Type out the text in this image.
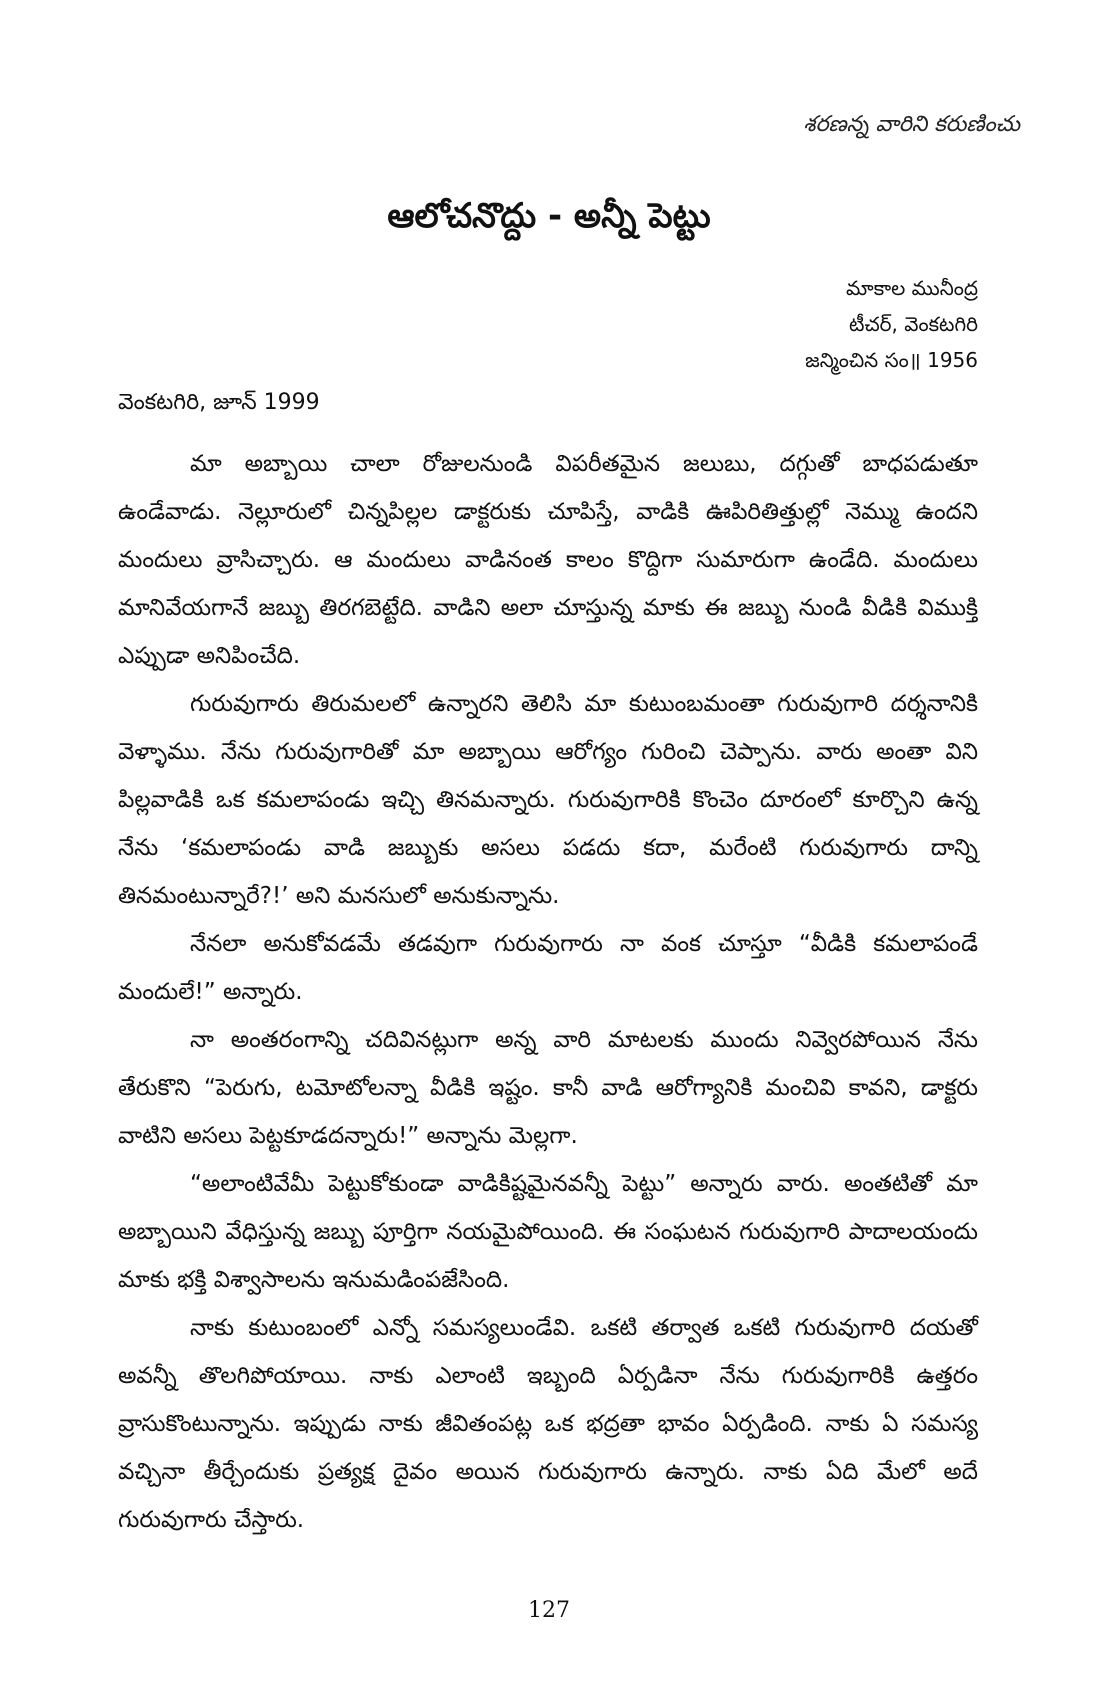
శరణన్న వారిని కరుణించు
ఆలోచనొద్దు - అన్నీ పెట్టు
మాకాల మునీంద్ర
టీచర్, వెంకటగిరి
జన్మించిన సం॥ 1956
వెంకటగిరి, జూన్ 1999

మా అబ్బాయి చాలా రోజులనుండి విపరీతమైన జలుబు, దగ్గుతో బాధపడుతూ ఉండేవాడు. నెల్లూరులో చిన్నపిల్లల డాక్టరుకు చూపిస్తే, వాడికి ఊపిరితిత్తుల్లో నెమ్ము ఉందని మందులు వ్రాసిచ్చారు. ఆ మందులు వాడినంత కాలం కొద్దిగా సుమారుగా ఉండేది. మందులు మానివేయగానే జబ్బు తిరగబెట్టేది. వాడిని అలా చూస్తున్న మాకు ఈ జబ్బు నుండి వీడికి విముక్తి ఎప్పుడా అనిపించేది.

గురువుగారు తిరుమలలో ఉన్నారని తెలిసి మా కుటుంబమంతా గురువుగారి దర్శనానికి వెళ్ళాము. నేను గురువుగారితో మా అబ్బాయి ఆరోగ్యం గురించి చెప్పాను. వారు అంతా విని పిల్లవాడికి ఒక కమలాపండు ఇచ్చి తినమన్నారు. గురువుగారికి కొంచెం దూరంలో కూర్చొని ఉన్న నేను ‘కమలాపండు వాడి జబ్బుకు అసలు పడదు కదా, మరేంటి గురువుగారు దాన్ని తినమంటున్నారే?!’ అని మనసులో అనుకున్నాను.

నేనలా అనుకోవడమే తడవుగా గురువుగారు నా వంక చూస్తూ “వీడికి కమలాపండే మందులే!” అన్నారు.

నా అంతరంగాన్ని చదివినట్లుగా అన్న వారి మాటలకు ముందు నివ్వెరపోయిన నేను తేరుకొని “పెరుగు, టమోటోలన్నా వీడికి ఇష్టం. కానీ వాడి ఆరోగ్యానికి మంచివి కావని, డాక్టరు వాటిని అసలు పెట్టకూడదన్నారు!” అన్నాను మెల్లగా.

“అలాంటివేమీ పెట్టుకోకుండా వాడికిష్టమైనవన్నీ పెట్టు” అన్నారు వారు. అంతటితో మా అబ్బాయిని వేధిస్తున్న జబ్బు పూర్తిగా నయమైపోయింది. ఈ సంఘటన గురువుగారి పాదాలయందు మాకు భక్తి విశ్వాసాలను ఇనుమడింపజేసింది.

నాకు కుటుంబంలో ఎన్నో సమస్యలుండేవి. ఒకటి తర్వాత ఒకటి గురువుగారి దయతో అవన్నీ తొలగిపోయాయి. నాకు ఎలాంటి ఇబ్బంది ఏర్పడినా నేను గురువుగారికి ఉత్తరం వ్రాసుకొంటున్నాను. ఇప్పుడు నాకు జీవితంపట్ల ఒక భద్రతా భావం ఏర్పడింది. నాకు ఏ సమస్య వచ్చినా తీర్చేందుకు ప్రత్యక్ష దైవం అయిన గురువుగారు ఉన్నారు. నాకు ఏది మేలో అదే గురువుగారు చేస్తారు.

127
